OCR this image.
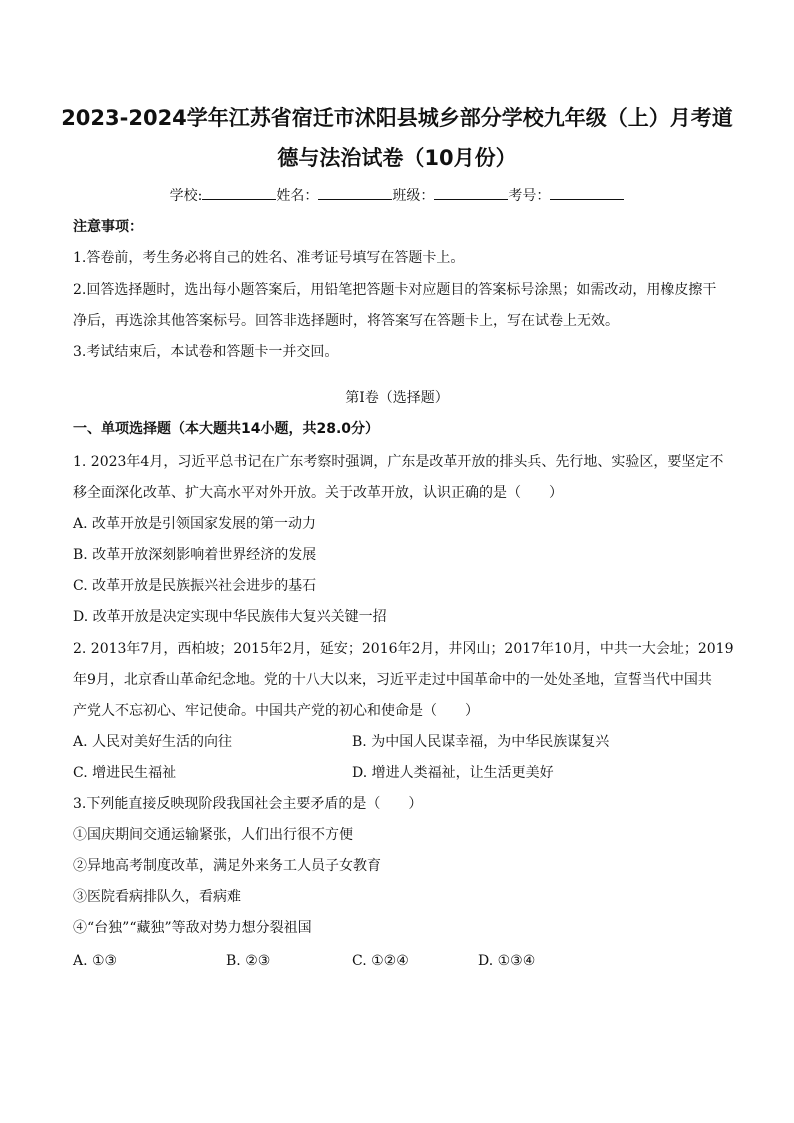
2023-2024学年江苏省宿迁市沭阳县城乡部分学校九年级（上）月考道
德与法治试卷（10月份）
学校:	姓名：	班级：	考号：
注意事项：
1.答卷前，考生务必将自己的姓名、准考证号填写在答题卡上。
2.回答选择题时，选出每小题答案后，用铅笔把答题卡对应题目的答案标号涂黑；如需改动，用橡皮擦干
净后，再选涂其他答案标号。回答非选择题时，将答案写在答题卡上，写在试卷上无效。
3.考试结束后，本试卷和答题卡一并交回。
第Ⅰ卷（选择题）
一、单项选择题（本大题共14小题，共28.0分）
1. 2023年4月，习近平总书记在广东考察时强调，广东是改革开放的排头兵、先行地、实验区，要坚定不
移全面深化改革、扩大高水平对外开放。关于改革开放，认识正确的是（　　）
A. 改革开放是引领国家发展的第一动力
B. 改革开放深刻影响着世界经济的发展
C. 改革开放是民族振兴社会进步的基石
D. 改革开放是决定实现中华民族伟大复兴关键一招
2. 2013年7月，西柏坡；2015年2月，延安；2016年2月，井冈山；2017年10月，中共一大会址；2019
年9月，北京香山革命纪念地。党的十八大以来，习近平走过中国革命中的一处处圣地，宣誓当代中国共
产党人不忘初心、牢记使命。中国共产党的初心和使命是（　　）
A. 人民对美好生活的向往	B. 为中国人民谋幸福，为中华民族谋复兴
C. 增进民生福祉	D. 增进人类福祉，让生活更美好
3.下列能直接反映现阶段我国社会主要矛盾的是（　　）
①国庆期间交通运输紧张，人们出行很不方便
②异地高考制度改革，满足外来务工人员子女教育
③医院看病排队久，看病难
④“台独”“藏独”等敌对势力想分裂祖国
A. ①③	B. ②③	C. ①②④	D. ①③④
